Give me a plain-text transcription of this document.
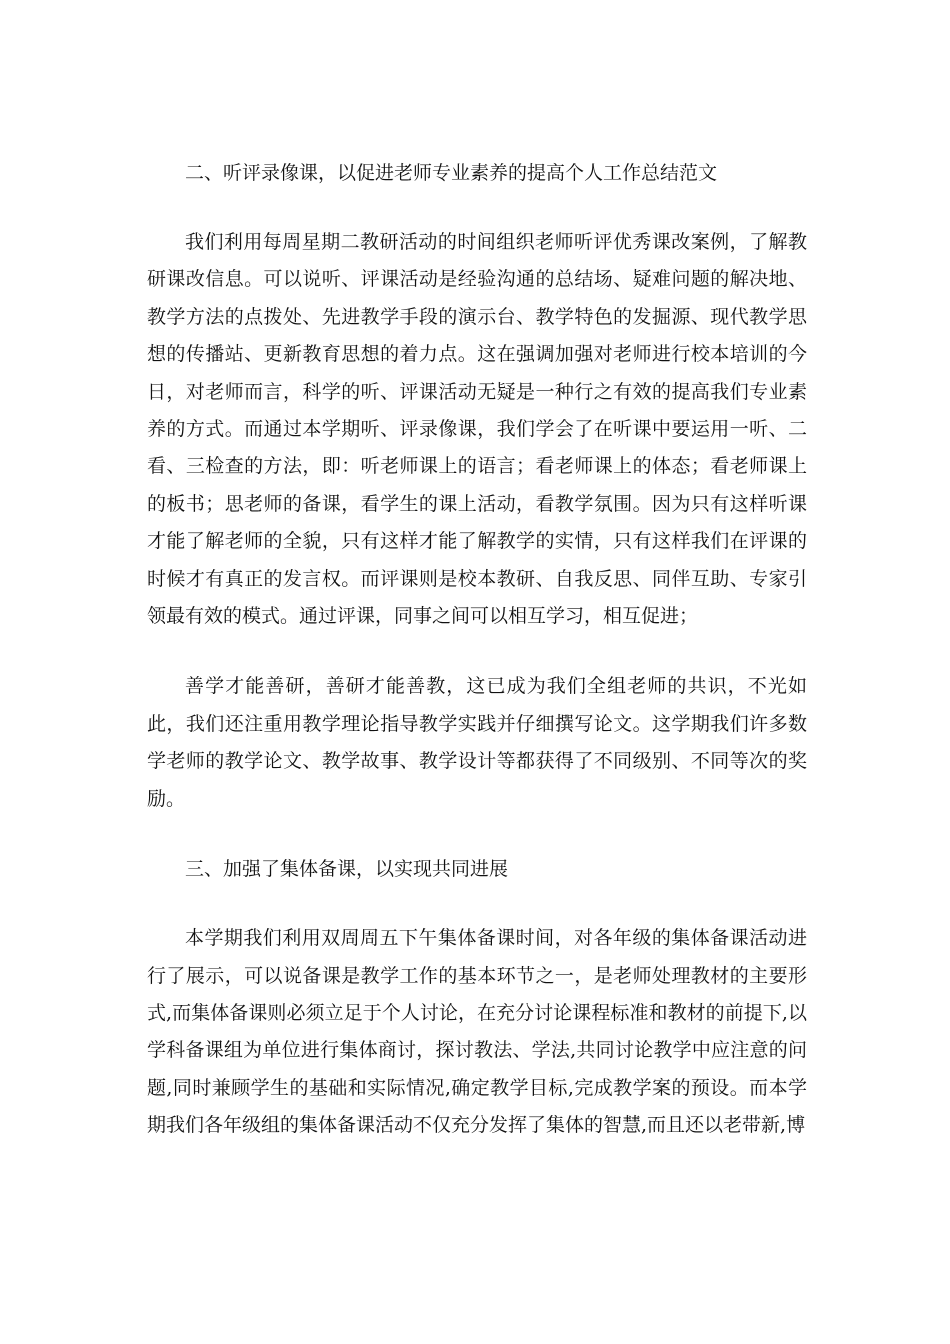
二、听评录像课，以促进老师专业素养的提高个人工作总结范文

我们利用每周星期二教研活动的时间组织老师听评优秀课改案例，了解教研课改信息。可以说听、评课活动是经验沟通的总结场、疑难问题的解决地、教学方法的点拨处、先进教学手段的演示台、教学特色的发掘源、现代教学思想的传播站、更新教育思想的着力点。这在强调加强对老师进行校本培训的今日，对老师而言，科学的听、评课活动无疑是一种行之有效的提高我们专业素养的方式。而通过本学期听、评录像课，我们学会了在听课中要运用一听、二看、三检查的方法，即：听老师课上的语言；看老师课上的体态；看老师课上的板书；思老师的备课，看学生的课上活动，看教学氛围。因为只有这样听课才能了解老师的全貌，只有这样才能了解教学的实情，只有这样我们在评课的时候才有真正的发言权。而评课则是校本教研、自我反思、同伴互助、专家引领最有效的模式。通过评课，同事之间可以相互学习，相互促进；

善学才能善研，善研才能善教，这已成为我们全组老师的共识，不光如此，我们还注重用教学理论指导教学实践并仔细撰写论文。这学期我们许多数学老师的教学论文、教学故事、教学设计等都获得了不同级别、不同等次的奖励。

三、加强了集体备课，以实现共同进展

本学期我们利用双周周五下午集体备课时间，对各年级的集体备课活动进行了展示，可以说备课是教学工作的基本环节之一，是老师处理教材的主要形式,而集体备课则必须立足于个人讨论，在充分讨论课程标准和教材的前提下,以学科备课组为单位进行集体商讨，探讨教法、学法,共同讨论教学中应注意的问题,同时兼顾学生的基础和实际情况,确定教学目标,完成教学案的预设。而本学期我们各年级组的集体备课活动不仅充分发挥了集体的智慧,而且还以老带新,博
